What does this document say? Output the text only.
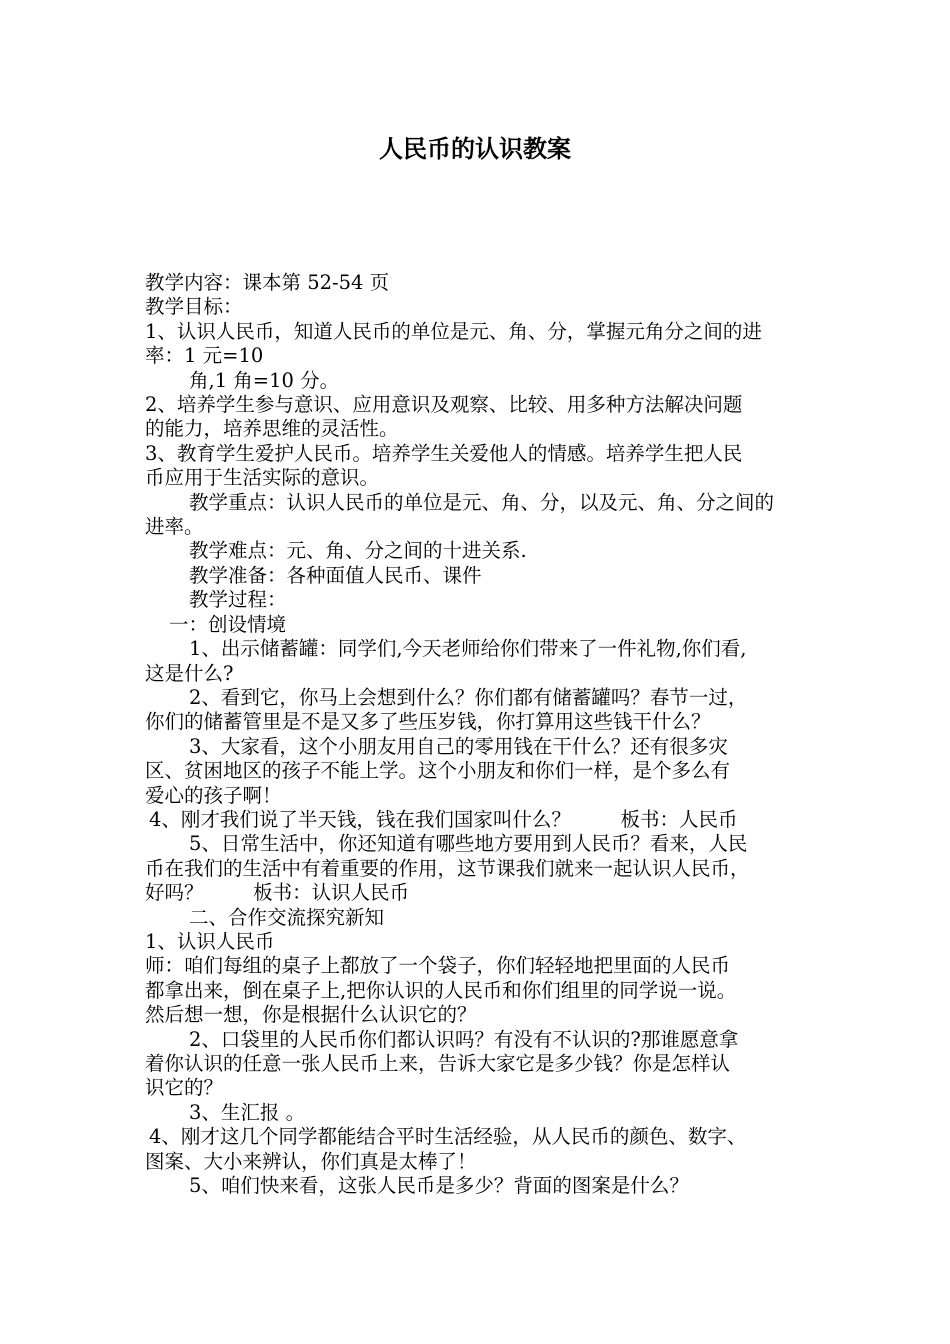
人民币的认识教案

教学内容：课本第 52-54 页

教学目标：

1、认识人民币，知道人民币的单位是元、角、分，掌握元角分之间的进

率：1 元=10

角,1 角=10 分。

2、培养学生参与意识、应用意识及观察、比较、用多种方法解决问题

的能力，培养思维的灵活性。

3、教育学生爱护人民币。培养学生关爱他人的情感。培养学生把人民

币应用于生活实际的意识。

教学重点：认识人民币的单位是元、角、分，以及元、角、分之间的

进率。

教学难点：元、角、分之间的十进关系.

教学准备：各种面值人民币、课件

教学过程：

一：创设情境

1、出示储蓄罐：同学们,今天老师给你们带来了一件礼物,你们看,

这是什么?

2、看到它，你马上会想到什么？你们都有储蓄罐吗？春节一过，

你们的储蓄管里是不是又多了些压岁钱，你打算用这些钱干什么？

3、大家看，这个小朋友用自己的零用钱在干什么？还有很多灾

区、贫困地区的孩子不能上学。这个小朋友和你们一样，是个多么有

爱心的孩子啊！

4、刚才我们说了半天钱，钱在我们国家叫什么？        板书：人民币

5、日常生活中，你还知道有哪些地方要用到人民币？看来，人民

币在我们的生活中有着重要的作用，这节课我们就来一起认识人民币，

好吗？        板书：认识人民币

二、合作交流探究新知

1、认识人民币

师：咱们每组的桌子上都放了一个袋子，你们轻轻地把里面的人民币

都拿出来，倒在桌子上,把你认识的人民币和你们组里的同学说一说。

然后想一想，你是根据什么认识它的？

2、口袋里的人民币你们都认识吗？有没有不认识的?那谁愿意拿

着你认识的任意一张人民币上来，告诉大家它是多少钱？你是怎样认

识它的？

3、生汇报 。

4、刚才这几个同学都能结合平时生活经验，从人民币的颜色、数字、

图案、大小来辨认，你们真是太棒了！

5、咱们快来看，这张人民币是多少？背面的图案是什么？
